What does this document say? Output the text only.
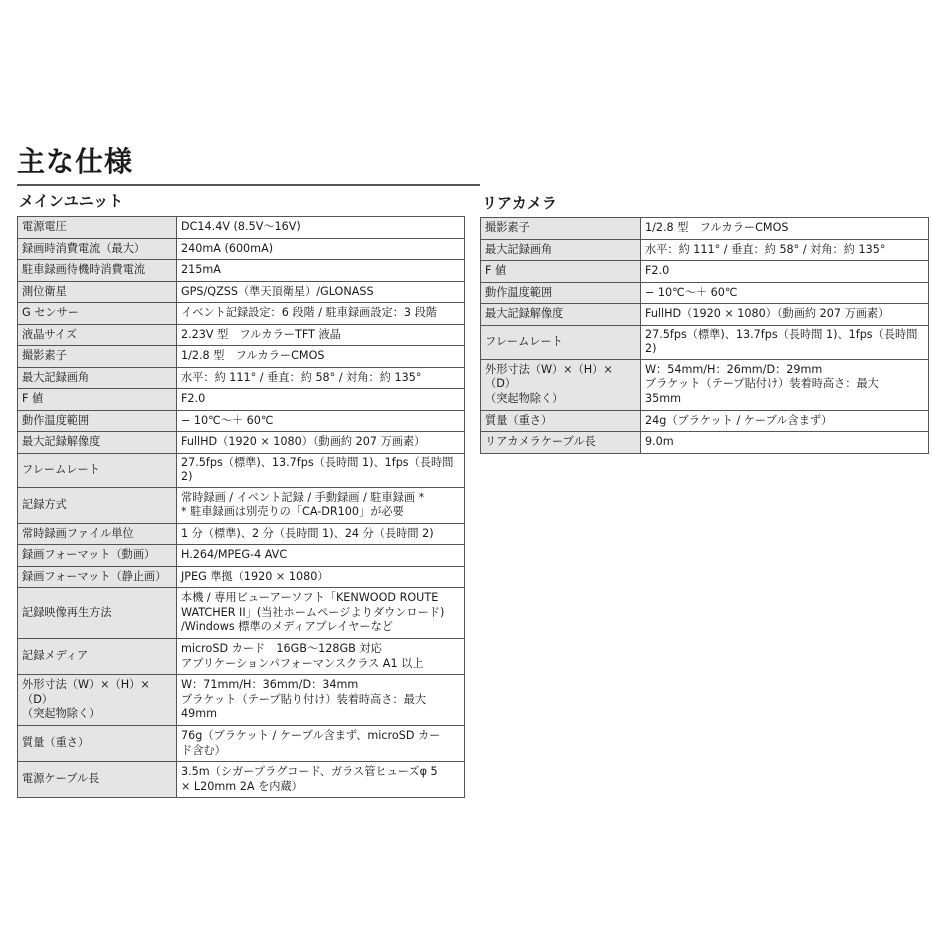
主な仕様
メインユニット
電源電圧	DC14.4V (8.5V〜16V)

録画時消費電流（最大）	240mA (600mA)

駐車録画待機時消費電流	215mA

測位衛星	GPS/QZSS（準天頂衛星）/GLONASS

G センサー	イベント記録設定：6 段階 / 駐車録画設定：3 段階

液晶サイズ	2.23V 型　フルカラーTFT 液晶

撮影素子	1/2.8 型　フルカラーCMOS

最大記録画角	水平：約 111° / 垂直：約 58° / 対角：約 135°

F 値	F2.0

動作温度範囲	− 10℃〜＋ 60℃

最大記録解像度	FullHD（1920 × 1080）（動画約 207 万画素）

フレームレート	27.5fps（標準)、13.7fps（長時間 1)、1fps（長時間 2)

記録方式	常時録画 / イベント記録 / 手動録画 / 駐車録画 *
* 駐車録画は別売りの「CA-DR100」が必要

常時録画ファイル単位	1 分（標準)、2 分（長時間 1)、24 分（長時間 2)

録画フォーマット（動画）	H.264/MPEG-4 AVC

録画フォーマット（静止画）	JPEG 準拠（1920 × 1080）

記録映像再生方法	本機 / 専用ビューアーソフト「KENWOOD ROUTE
WATCHER II」(当社ホームページよりダウンロード)
/Windows 標準のメディアプレイヤーなど

記録メディア	microSD カード　16GB〜128GB 対応
アプリケーションパフォーマンスクラス A1 以上

外形寸法（W）×（H）×（D）
（突起物除く）	W：71mm/H：36mm/D：34mm
ブラケット（テープ貼り付け）装着時高さ：最大
49mm

質量（重さ）	76g（ブラケット / ケーブル含まず、microSD カー
ド含む）

電源ケーブル長	3.5m（シガープラグコード、ガラス管ヒューズφ 5
× L20mm 2A を内蔵）
リアカメラ
撮影素子	1/2.8 型　フルカラーCMOS

最大記録画角	水平：約 111° / 垂直：約 58° / 対角：約 135°

F 値	F2.0

動作温度範囲	− 10℃〜＋ 60℃

最大記録解像度	FullHD（1920 × 1080）（動画約 207 万画素）

フレームレート	27.5fps（標準)、13.7fps（長時間 1)、1fps（長時間 2)

外形寸法（W）×（H）×（D）
（突起物除く）	W：54mm/H：26mm/D：29mm
ブラケット（テープ貼付け）装着時高さ：最大
35mm

質量（重さ）	24g（ブラケット / ケーブル含まず）

リアカメラケーブル長	9.0m
